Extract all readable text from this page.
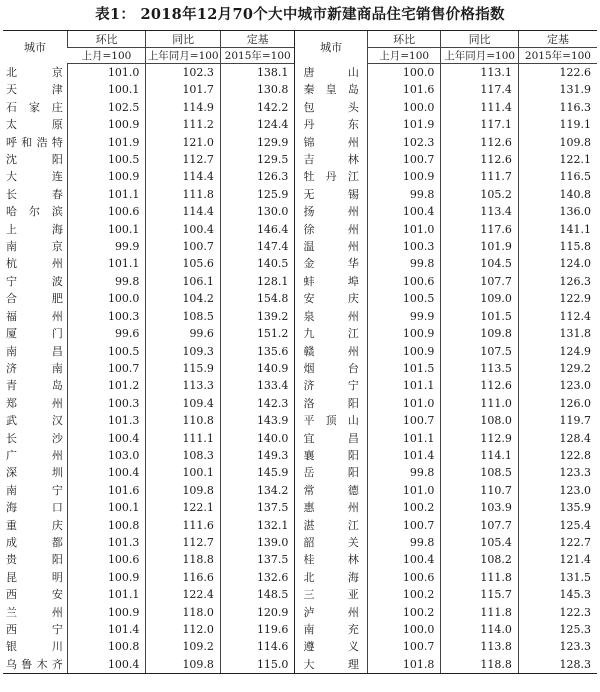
表1： 2018年12月70个大中城市新建商品住宅销售价格指数
城市	环比	同比	定基	城市	环比	同比	定基
	上月=100	上年同月=100	2015年=100		上月=100	上年同月=100	2015年=100
北京	101.0	102.3	138.1	唐山	100.0	113.1	122.6
天津	100.1	101.7	130.8	秦皇岛	101.6	117.4	131.9
石家庄	102.5	114.9	142.2	包头	100.0	111.4	116.3
太原	100.9	111.2	124.4	丹东	101.9	117.1	119.1
呼和浩特	101.9	121.0	129.9	锦州	102.3	112.6	109.8
沈阳	100.5	112.7	129.5	吉林	100.7	112.6	122.1
大连	100.9	114.4	126.3	牡丹江	100.9	111.7	116.5
长春	101.1	111.8	125.9	无锡	99.8	105.2	140.8
哈尔滨	100.6	114.4	130.0	扬州	100.4	113.4	136.0
上海	100.1	100.4	146.4	徐州	101.0	117.6	141.1
南京	99.9	100.7	147.4	温州	100.3	101.9	115.8
杭州	101.1	105.6	140.5	金华	99.8	104.5	124.0
宁波	99.8	106.1	128.1	蚌埠	100.6	107.7	126.3
合肥	100.0	104.2	154.8	安庆	100.5	109.0	122.9
福州	100.3	108.5	139.2	泉州	99.9	101.5	112.4
厦门	99.6	99.6	151.2	九江	100.9	109.8	131.8
南昌	100.5	109.3	135.6	赣州	100.9	107.5	124.9
济南	100.7	115.9	140.9	烟台	101.5	113.5	129.2
青岛	101.2	113.3	133.4	济宁	101.1	112.6	123.0
郑州	100.3	109.4	142.3	洛阳	101.0	111.0	126.0
武汉	101.3	110.8	143.9	平顶山	100.7	108.0	119.7
长沙	100.4	111.1	140.0	宜昌	101.1	112.9	128.4
广州	103.0	108.3	149.3	襄阳	101.4	114.1	122.8
深圳	100.4	100.1	145.9	岳阳	99.8	108.5	123.3
南宁	101.6	109.8	134.2	常德	101.0	110.7	123.0
海口	100.1	122.1	137.5	惠州	100.2	103.9	135.9
重庆	100.8	111.6	132.1	湛江	100.7	107.7	125.4
成都	101.3	112.7	139.0	韶关	99.8	105.4	122.7
贵阳	100.6	118.8	137.5	桂林	100.4	108.2	121.4
昆明	100.9	116.6	132.6	北海	100.6	111.8	131.5
西安	101.1	122.4	148.5	三亚	100.2	115.7	145.3
兰州	100.9	118.0	120.9	泸州	100.2	111.8	122.3
西宁	101.4	112.0	119.6	南充	100.0	114.0	125.3
银川	100.8	109.2	114.6	遵义	100.7	113.8	123.3
乌鲁木齐	100.4	109.8	115.0	大理	101.8	118.8	128.3
